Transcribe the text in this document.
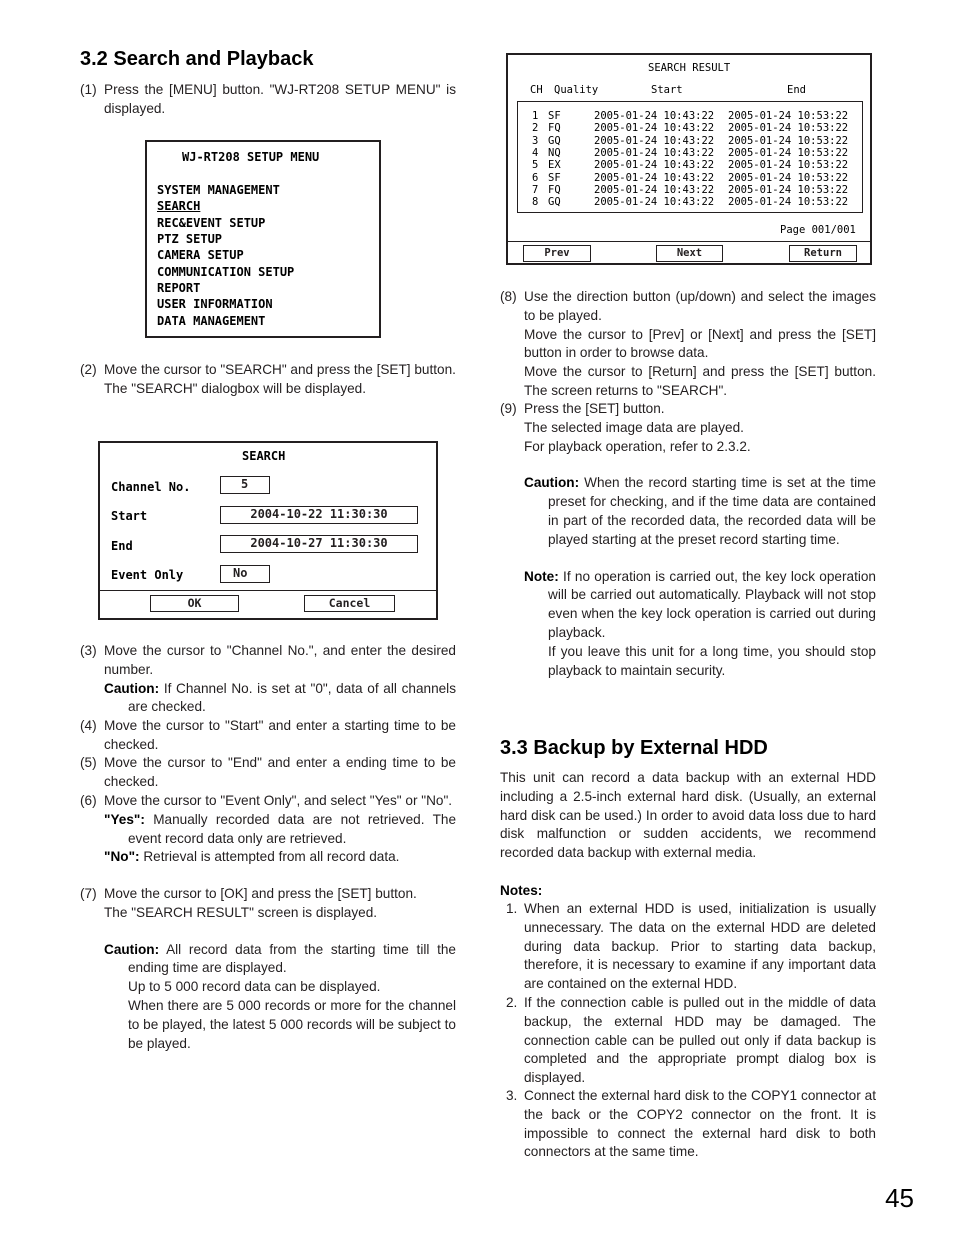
3.2 Search and Playback
(1) Press the [MENU] button. "WJ-RT208 SETUP MENU" is displayed.
WJ-RT208 SETUP MENU
SYSTEM MANAGEMENT
SEARCH
REC&EVENT SETUP
PTZ SETUP
CAMERA SETUP
COMMUNICATION SETUP
REPORT
USER INFORMATION
DATA MANAGEMENT
(2) Move the cursor to "SEARCH" and press the [SET] button.
The "SEARCH" dialogbox will be displayed.
SEARCH
Channel No.	5
Start	2004-10-22 11:30:30
End	2004-10-27 11:30:30
Event Only	No
OK	Cancel
(3) Move the cursor to "Channel No.", and enter the desired number.
Caution: If Channel No. is set at "0", data of all channels are checked.
(4) Move the cursor to "Start" and enter a starting time to be checked.
(5) Move the cursor to "End" and enter a ending time to be checked.
(6) Move the cursor to "Event Only", and select "Yes" or "No".
"Yes": Manually recorded data are not retrieved. The event record data only are retrieved.
"No": Retrieval is attempted from all record data.
(7) Move the cursor to [OK] and press the [SET] button.
The "SEARCH RESULT" screen is displayed.
Caution: All record data from the starting time till the ending time are displayed.
Up to 5 000 record data can be displayed.
When there are 5 000 records or more for the channel to be played, the latest 5 000 records will be subject to be played.
SEARCH RESULT
CH Quality	Start	End
1 SF	2005-01-24 10:43:22 2005-01-24 10:53:22
2 FQ	2005-01-24 10:43:22 2005-01-24 10:53:22
3 GQ	2005-01-24 10:43:22 2005-01-24 10:53:22
4 NQ	2005-01-24 10:43:22 2005-01-24 10:53:22
5 EX	2005-01-24 10:43:22 2005-01-24 10:53:22
6 SF	2005-01-24 10:43:22 2005-01-24 10:53:22
7 FQ	2005-01-24 10:43:22 2005-01-24 10:53:22
8 GQ	2005-01-24 10:43:22 2005-01-24 10:53:22
Page 001/001
Prev	Next	Return
(8) Use the direction button (up/down) and select the images to be played.
Move the cursor to [Prev] or [Next] and press the [SET] button in order to browse data.
Move the cursor to [Return] and press the [SET] button. The screen returns to "SEARCH".
(9) Press the [SET] button.
The selected image data are played.
For playback operation, refer to 2.3.2.
Caution: When the record starting time is set at the time preset for checking, and if the time data are contained in part of the recorded data, the recorded data will be played starting at the preset record starting time.
Note: If no operation is carried out, the key lock operation will be carried out automatically. Playback will not stop even when the key lock operation is carried out during playback.
If you leave this unit for a long time, you should stop playback to maintain security.
3.3 Backup by External HDD
This unit can record a data backup with an external HDD including a 2.5-inch external hard disk. (Usually, an external hard disk can be used.) In order to avoid data loss due to hard disk malfunction or sudden accidents, we recommend recorded data backup with external media.
Notes:
1. When an external HDD is used, initialization is usually unnecessary. The data on the external HDD are deleted during data backup. Prior to starting data backup, therefore, it is necessary to examine if any important data are contained on the external HDD.
2. If the connection cable is pulled out in the middle of data backup, the external HDD may be damaged. The connection cable can be pulled out only if data backup is completed and the appropriate prompt dialog box is displayed.
3. Connect the external hard disk to the COPY1 connector at the back or the COPY2 connector on the front. It is impossible to connect the external hard disk to both connectors at the same time.
45
